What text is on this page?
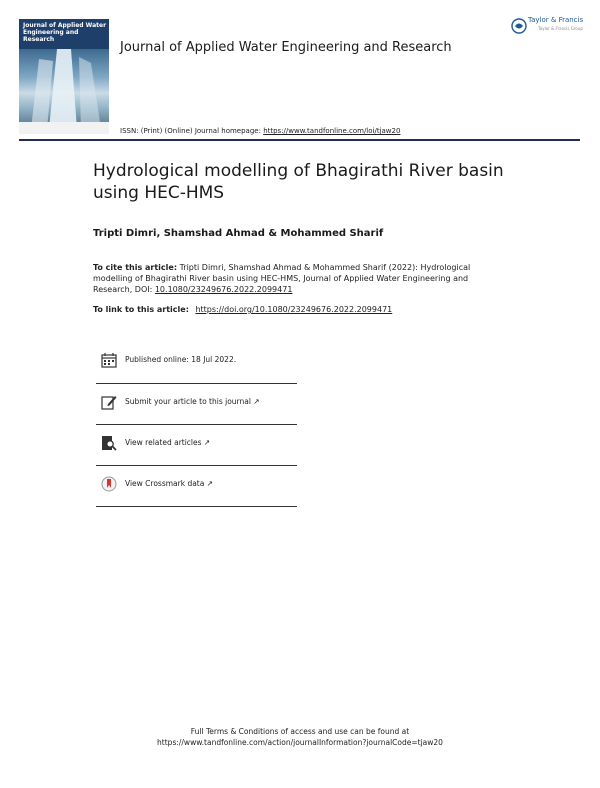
Journal of Applied Water Engineering and Research
Journal of Applied Water Engineering and Research
Taylor & Francis
Taylor & Francis Group
ISSN: (Print) (Online) Journal homepage: https://www.tandfonline.com/loi/tjaw20
Hydrological modelling of Bhagirathi River basin using HEC-HMS
Tripti Dimri, Shamshad Ahmad & Mohammed Sharif
To cite this article: Tripti Dimri, Shamshad Ahmad & Mohammed Sharif (2022): Hydrological modelling of Bhagirathi River basin using HEC-HMS, Journal of Applied Water Engineering and Research, DOI: 10.1080/23249676.2022.2099471
To link to this article: https://doi.org/10.1080/23249676.2022.2099471
Published online: 18 Jul 2022.
Submit your article to this journal ↗
View related articles ↗
View Crossmark data ↗
Full Terms & Conditions of access and use can be found at
https://www.tandfonline.com/action/journalInformation?journalCode=tjaw20
